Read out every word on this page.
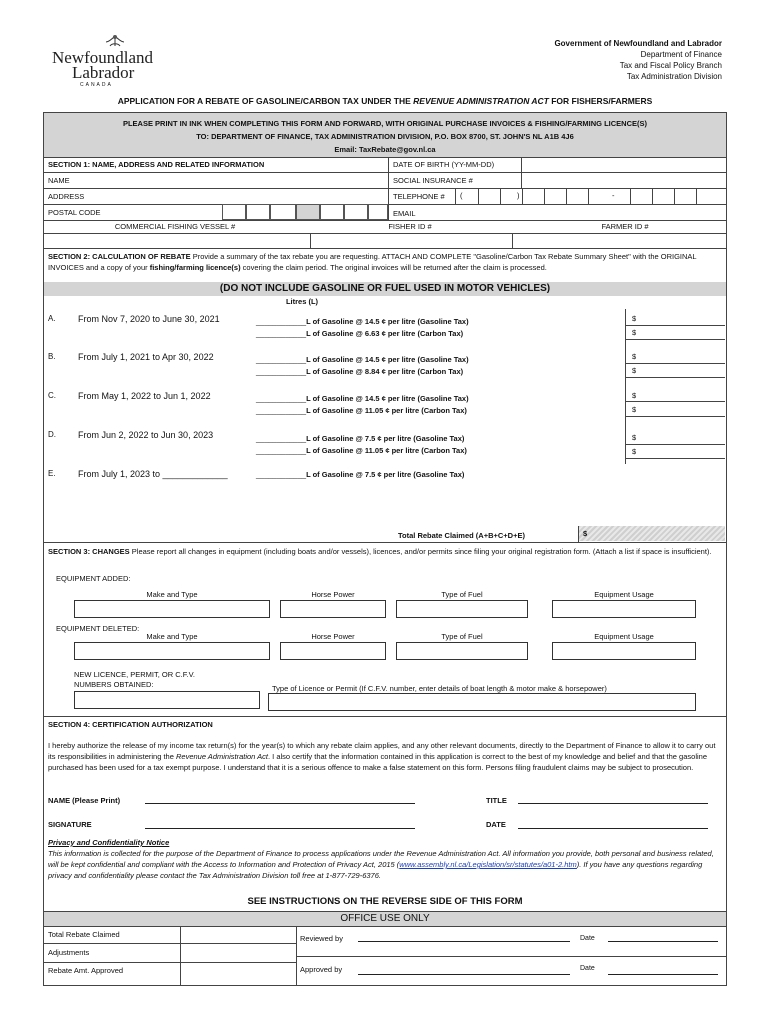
Newfoundland
Labrador
CANADA
Government of Newfoundland and Labrador
Department of Finance
Tax and Fiscal Policy Branch
Tax Administration Division
APPLICATION FOR A REBATE OF GASOLINE/CARBON TAX UNDER THE REVENUE ADMINISTRATION ACT FOR FISHERS/FARMERS
PLEASE PRINT IN INK WHEN COMPLETING THIS FORM AND FORWARD, WITH ORIGINAL PURCHASE INVOICES & FISHING/FARMING LICENCE(S)
TO: DEPARTMENT OF FINANCE, TAX ADMINISTRATION DIVISION, P.O. BOX 8700, ST. JOHN'S NL A1B 4J6
Email: TaxRebate@gov.nl.ca
SECTION 1: NAME, ADDRESS AND RELATED INFORMATION
NAME
ADDRESS
POSTAL CODE
DATE OF BIRTH (YY-MM-DD)
SOCIAL INSURANCE #
TELEPHONE # (	)	-
EMAIL
COMMERCIAL FISHING VESSEL #	FISHER ID #	FARMER ID #
SECTION 2: CALCULATION OF REBATE Provide a summary of the tax rebate you are requesting. ATTACH AND COMPLETE "Gasoline/Carbon Tax Rebate Summary Sheet" with the ORIGINAL INVOICES and a copy of your fishing/farming licence(s) covering the claim period. The original invoices will be returned after the claim is processed.
(DO NOT INCLUDE GASOLINE OR FUEL USED IN MOTOR VEHICLES)
Litres (L)
A. From Nov 7, 2020 to June 30, 2021	____________L of Gasoline @ 14.5 ¢ per litre (Gasoline Tax)
____________L of Gasoline @ 6.63 ¢ per litre (Carbon Tax)
$
$
B. From July 1, 2021 to Apr 30, 2022	____________L of Gasoline @ 14.5 ¢ per litre (Gasoline Tax)
____________L of Gasoline @ 8.84 ¢ per litre (Carbon Tax)
$
$
C. From May 1, 2022 to Jun 1, 2022	____________L of Gasoline @ 14.5 ¢ per litre (Gasoline Tax)
____________L of Gasoline @ 11.05 ¢ per litre (Carbon Tax)
$
$
D. From Jun 2, 2022 to Jun 30, 2023	____________L of Gasoline @ 7.5 ¢ per litre (Gasoline Tax)
____________L of Gasoline @ 11.05 ¢ per litre (Carbon Tax)
$
$
E. From July 1, 2023 to _____________	____________L of Gasoline @ 7.5 ¢ per litre (Gasoline Tax)
Total Rebate Claimed (A+B+C+D+E)	$
SECTION 3: CHANGES Please report all changes in equipment (including boats and/or vessels), licences, and/or permits since filing your original registration form. (Attach a list if space is insufficient).
EQUIPMENT ADDED:
Make and Type	Horse Power	Type of Fuel	Equipment Usage
EQUIPMENT DELETED:
Make and Type	Horse Power	Type of Fuel	Equipment Usage
NEW LICENCE, PERMIT, OR C.F.V.
NUMBERS OBTAINED:	Type of Licence or Permit (If C.F.V. number, enter details of boat length & motor make & horsepower)
SECTION 4: CERTIFICATION AUTHORIZATION
I hereby authorize the release of my income tax return(s) for the year(s) to which any rebate claim applies, and any other relevant documents, directly to the Department of Finance to allow it to carry out its responsibilities in administering the Revenue Administration Act. I also certify that the information contained in this application is correct to the best of my knowledge and belief and that the gasoline purchased has been used for a tax exempt purpose. I understand that it is a serious offence to make a false statement on this form. Persons filing fraudulent claims may be subject to prosecution.
NAME (Please Print)	TITLE
SIGNATURE	DATE
Privacy and Confidentiality Notice
This information is collected for the purpose of the Department of Finance to process applications under the Revenue Administration Act. All information you provide, both personal and business related, will be kept confidential and compliant with the Access to Information and Protection of Privacy Act, 2015 (www.assembly.nl.ca/Legislation/sr/statutes/a01-2.htm). If you have any questions regarding privacy and confidentiality please contact the Tax Administration Division toll free at 1-877-729-6376.
SEE INSTRUCTIONS ON THE REVERSE SIDE OF THIS FORM
OFFICE USE ONLY
Total Rebate Claimed
Adjustments
Rebate Amt. Approved
Reviewed by	Date
Approved by	Date
